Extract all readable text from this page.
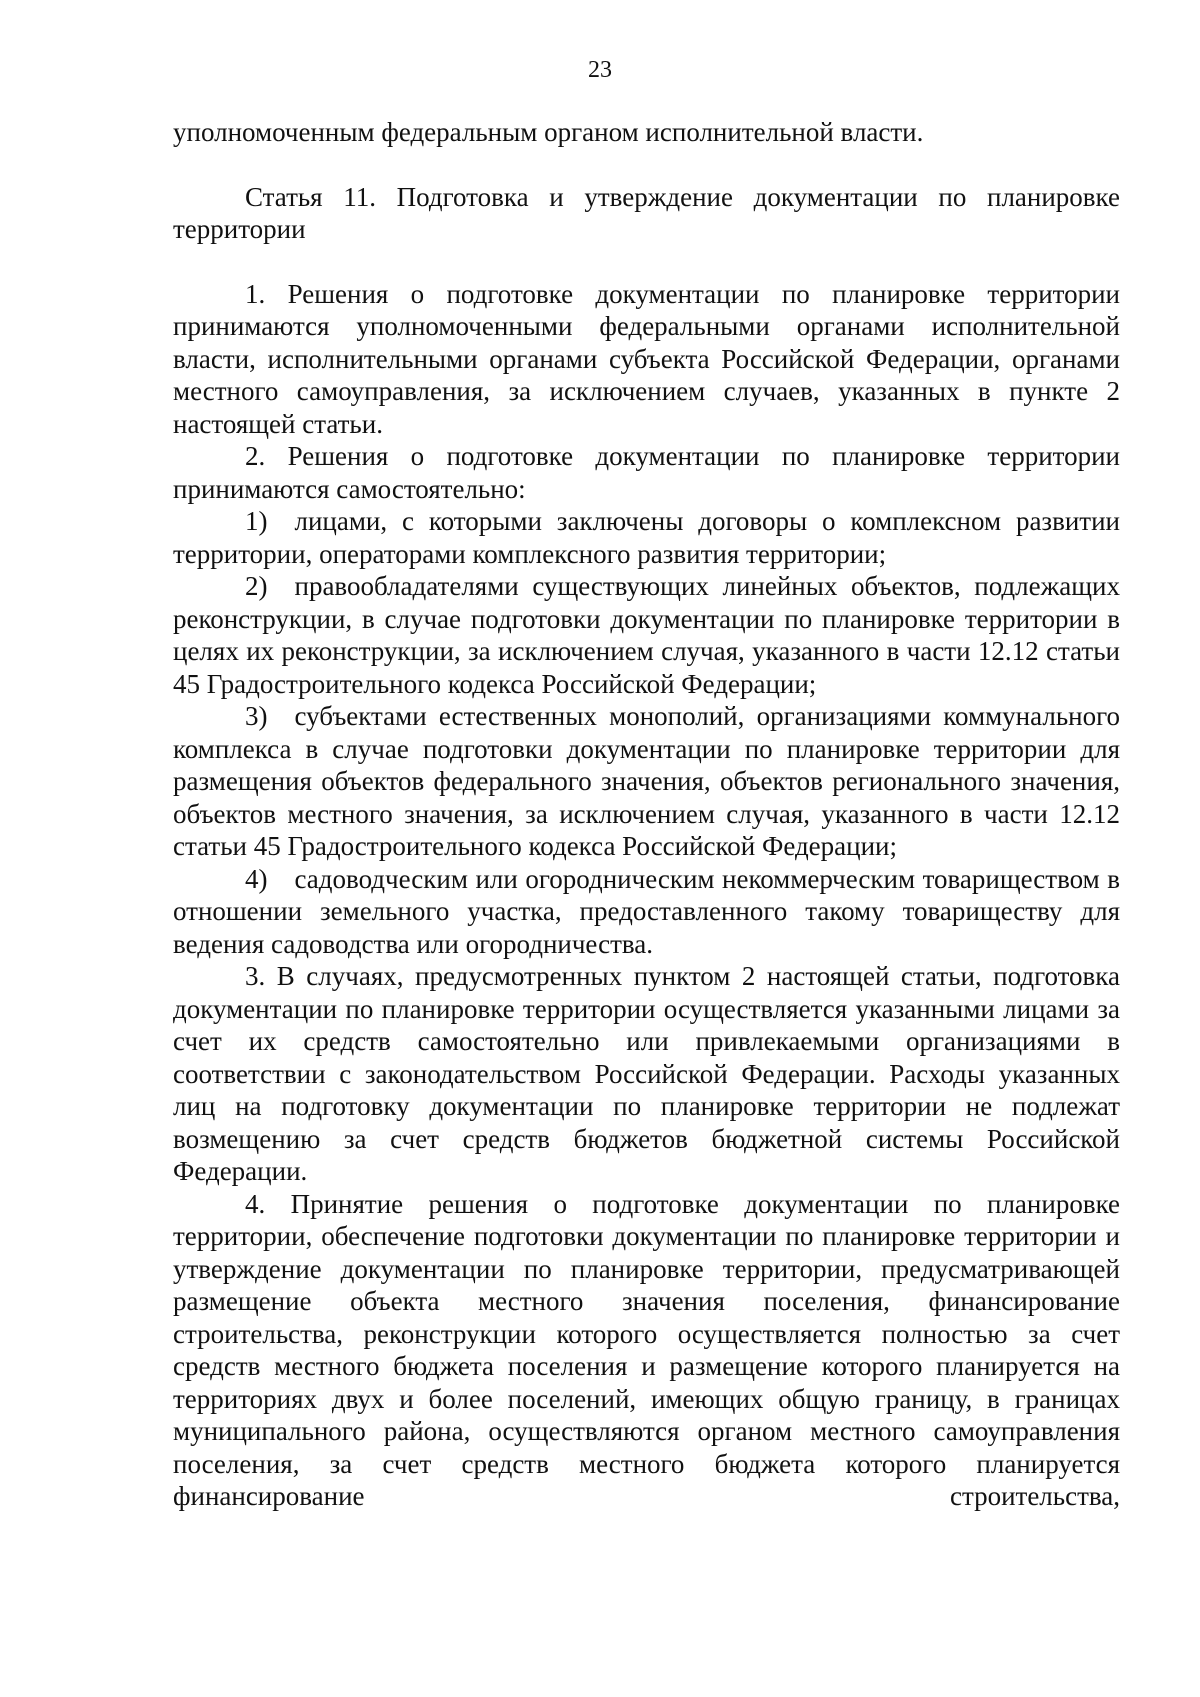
23

уполномоченным федеральным органом исполнительной власти.

Статья 11. Подготовка и утверждение документации по планировке территории

1. Решения о подготовке документации по планировке территории принимаются уполномоченными федеральными органами исполнительной власти, исполнительными органами субъекта Российской Федерации, органами местного самоуправления, за исключением случаев, указанных в пункте 2 настоящей статьи.

2. Решения о подготовке документации по планировке территории принимаются самостоятельно:

1) лицами, с которыми заключены договоры о комплексном развитии территории, операторами комплексного развития территории;

2) правообладателями существующих линейных объектов, подлежащих реконструкции, в случае подготовки документации по планировке территории в целях их реконструкции, за исключением случая, указанного в части 12.12 статьи 45 Градостроительного кодекса Российской Федерации;

3) субъектами естественных монополий, организациями коммунального комплекса в случае подготовки документации по планировке территории для размещения объектов федерального значения, объектов регионального значения, объектов местного значения, за исключением случая, указанного в части 12.12 статьи 45 Градостроительного кодекса Российской Федерации;

4) садоводческим или огородническим некоммерческим товариществом в отношении земельного участка, предоставленного такому товариществу для ведения садоводства или огородничества.

3. В случаях, предусмотренных пунктом 2 настоящей статьи, подготовка документации по планировке территории осуществляется указанными лицами за счет их средств самостоятельно или привлекаемыми организациями в соответствии с законодательством Российской Федерации. Расходы указанных лиц на подготовку документации по планировке территории не подлежат возмещению за счет средств бюджетов бюджетной системы Российской Федерации.

4. Принятие решения о подготовке документации по планировке территории, обеспечение подготовки документации по планировке территории и утверждение документации по планировке территории, предусматривающей размещение объекта местного значения поселения, финансирование строительства, реконструкции которого осуществляется полностью за счет средств местного бюджета поселения и размещение которого планируется на территориях двух и более поселений, имеющих общую границу, в границах муниципального района, осуществляются органом местного самоуправления поселения, за счет средств местного бюджета которого планируется финансирование строительства,
